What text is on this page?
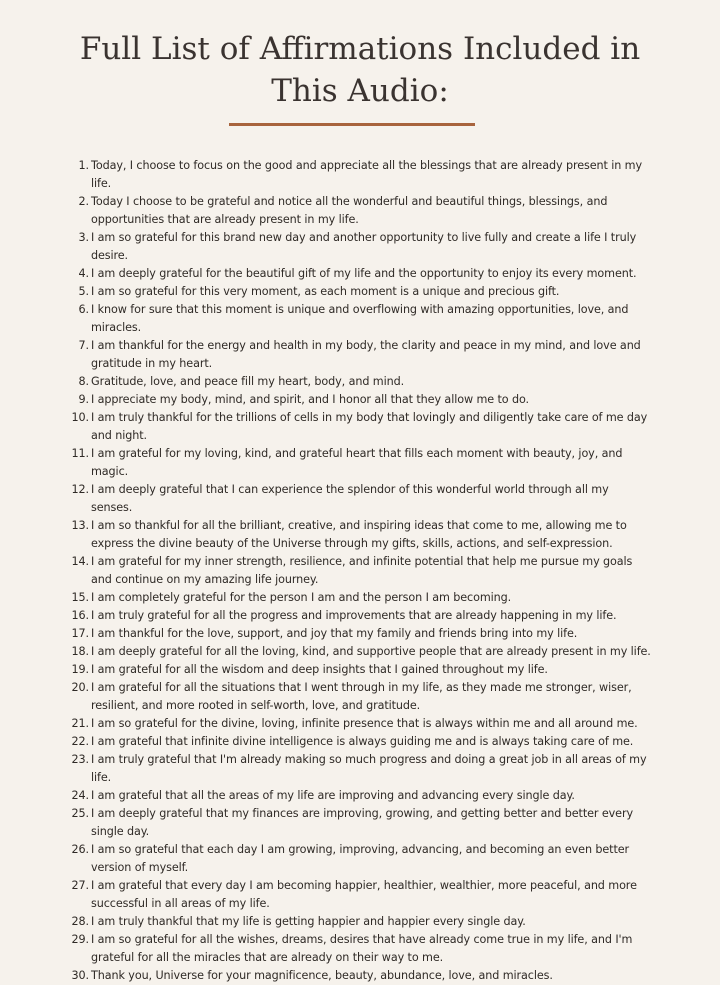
Full List of Affirmations Included in
This Audio:
1. Today, I choose to focus on the good and appreciate all the blessings that are already present in my life.
2. Today I choose to be grateful and notice all the wonderful and beautiful things, blessings, and opportunities that are already present in my life.
3. I am so grateful for this brand new day and another opportunity to live fully and create a life I truly desire.
4. I am deeply grateful for the beautiful gift of my life and the opportunity to enjoy its every moment.
5. I am so grateful for this very moment, as each moment is a unique and precious gift.
6. I know for sure that this moment is unique and overflowing with amazing opportunities, love, and miracles.
7. I am thankful for the energy and health in my body, the clarity and peace in my mind, and love and gratitude in my heart.
8. Gratitude, love, and peace fill my heart, body, and mind.
9. I appreciate my body, mind, and spirit, and I honor all that they allow me to do.
10. I am truly thankful for the trillions of cells in my body that lovingly and diligently take care of me day and night.
11. I am grateful for my loving, kind, and grateful heart that fills each moment with beauty, joy, and magic.
12. I am deeply grateful that I can experience the splendor of this wonderful world through all my senses.
13. I am so thankful for all the brilliant, creative, and inspiring ideas that come to me, allowing me to express the divine beauty of the Universe through my gifts, skills, actions, and self-expression.
14. I am grateful for my inner strength, resilience, and infinite potential that help me pursue my goals and continue on my amazing life journey.
15. I am completely grateful for the person I am and the person I am becoming.
16. I am truly grateful for all the progress and improvements that are already happening in my life.
17. I am thankful for the love, support, and joy that my family and friends bring into my life.
18. I am deeply grateful for all the loving, kind, and supportive people that are already present in my life.
19. I am grateful for all the wisdom and deep insights that I gained throughout my life.
20. I am grateful for all the situations that I went through in my life, as they made me stronger, wiser, resilient, and more rooted in self-worth, love, and gratitude.
21. I am so grateful for the divine, loving, infinite presence that is always within me and all around me.
22. I am grateful that infinite divine intelligence is always guiding me and is always taking care of me.
23. I am truly grateful that I'm already making so much progress and doing a great job in all areas of my life.
24. I am grateful that all the areas of my life are improving and advancing every single day.
25. I am deeply grateful that my finances are improving, growing, and getting better and better every single day.
26. I am so grateful that each day I am growing, improving, advancing, and becoming an even better version of myself.
27. I am grateful that every day I am becoming happier, healthier, wealthier, more peaceful, and more successful in all areas of my life.
28. I am truly thankful that my life is getting happier and happier every single day.
29. I am so grateful for all the wishes, dreams, desires that have already come true in my life, and I'm grateful for all the miracles that are already on their way to me.
30. Thank you, Universe for your magnificence, beauty, abundance, love, and miracles.
